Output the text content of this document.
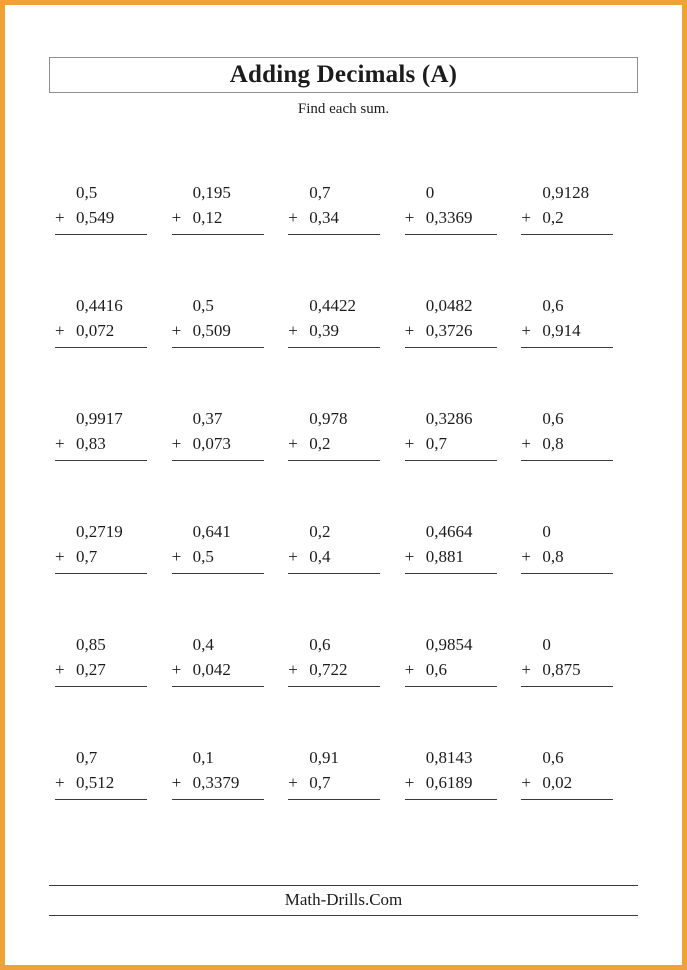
Adding Decimals (A)
Find each sum.
0,5
+ 0,549
0,195
+ 0,12
0,7
+ 0,34
0
+ 0,3369
0,9128
+ 0,2
0,4416
+ 0,072
0,5
+ 0,509
0,4422
+ 0,39
0,0482
+ 0,3726
0,6
+ 0,914
0,9917
+ 0,83
0,37
+ 0,073
0,978
+ 0,2
0,3286
+ 0,7
0,6
+ 0,8
0,2719
+ 0,7
0,641
+ 0,5
0,2
+ 0,4
0,4664
+ 0,881
0
+ 0,8
0,85
+ 0,27
0,4
+ 0,042
0,6
+ 0,722
0,9854
+ 0,6
0
+ 0,875
0,7
+ 0,512
0,1
+ 0,3379
0,91
+ 0,7
0,8143
+ 0,6189
0,6
+ 0,02
Math-Drills.Com
